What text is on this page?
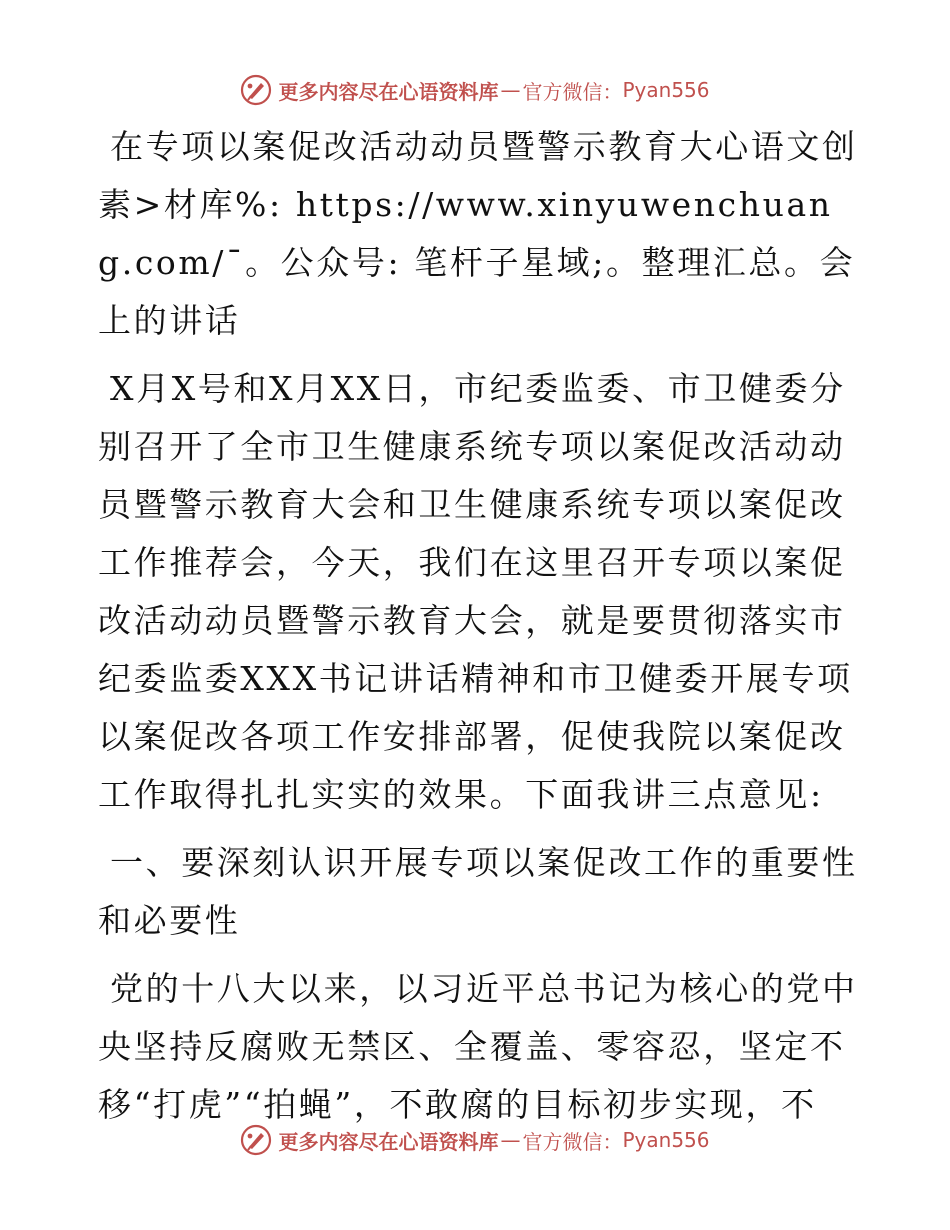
更多内容尽在心语资料库 — 官方微信： Pyan556

在专项以案促改活动动员暨警示教育大心语文创素>材库%: https://www.xinyuwenchuang.com/¯。公众号: 笔杆子星域;。整理汇总。会上的讲话

X月X号和X月XX日，市纪委监委、市卫健委分别召开了全市卫生健康系统专项以案促改活动动员暨警示教育大会和卫生健康系统专项以案促改工作推荐会，今天，我们在这里召开专项以案促改活动动员暨警示教育大会，就是要贯彻落实市纪委监委XXX书记讲话精神和市卫健委开展专项以案促改各项工作安排部署，促使我院以案促改工作取得扎扎实实的效果。下面我讲三点意见:

一、要深刻认识开展专项以案促改工作的重要性和必要性

党的十八大以来，以习近平总书记为核心的党中央坚持反腐败无禁区、全覆盖、零容忍，坚定不移“打虎”“拍蝇”，不敢腐的目标初步实现，不

更多内容尽在心语资料库 — 官方微信： Pyan556
